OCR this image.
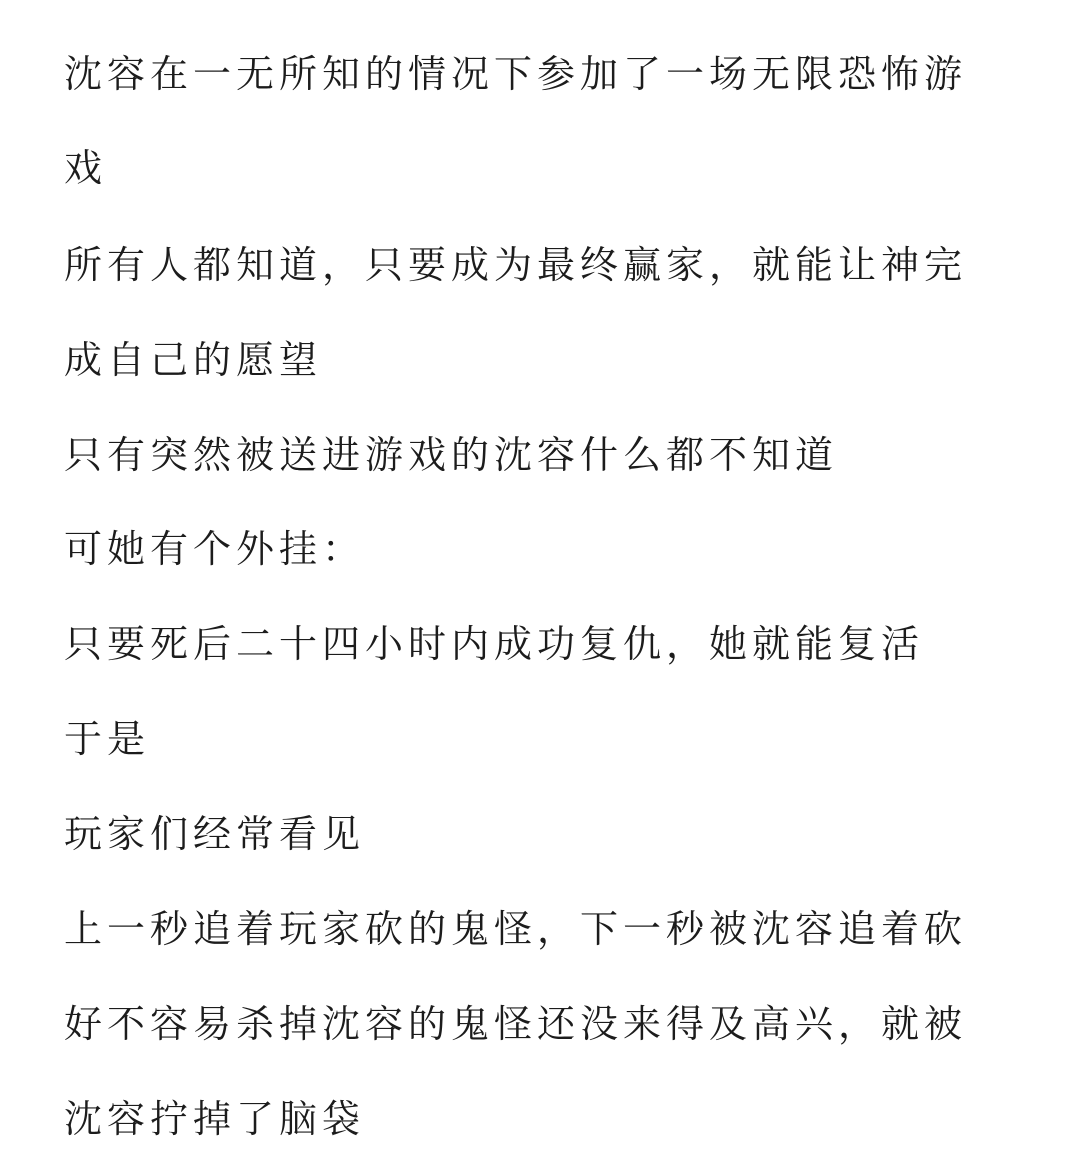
沈容在一无所知的情况下参加了一场无限恐怖游
戏
所有人都知道，只要成为最终赢家，就能让神完
成自己的愿望
只有突然被送进游戏的沈容什么都不知道
可她有个外挂：
只要死后二十四小时内成功复仇，她就能复活
于是
玩家们经常看见
上一秒追着玩家砍的鬼怪，下一秒被沈容追着砍
好不容易杀掉沈容的鬼怪还没来得及高兴，就被
沈容拧掉了脑袋
